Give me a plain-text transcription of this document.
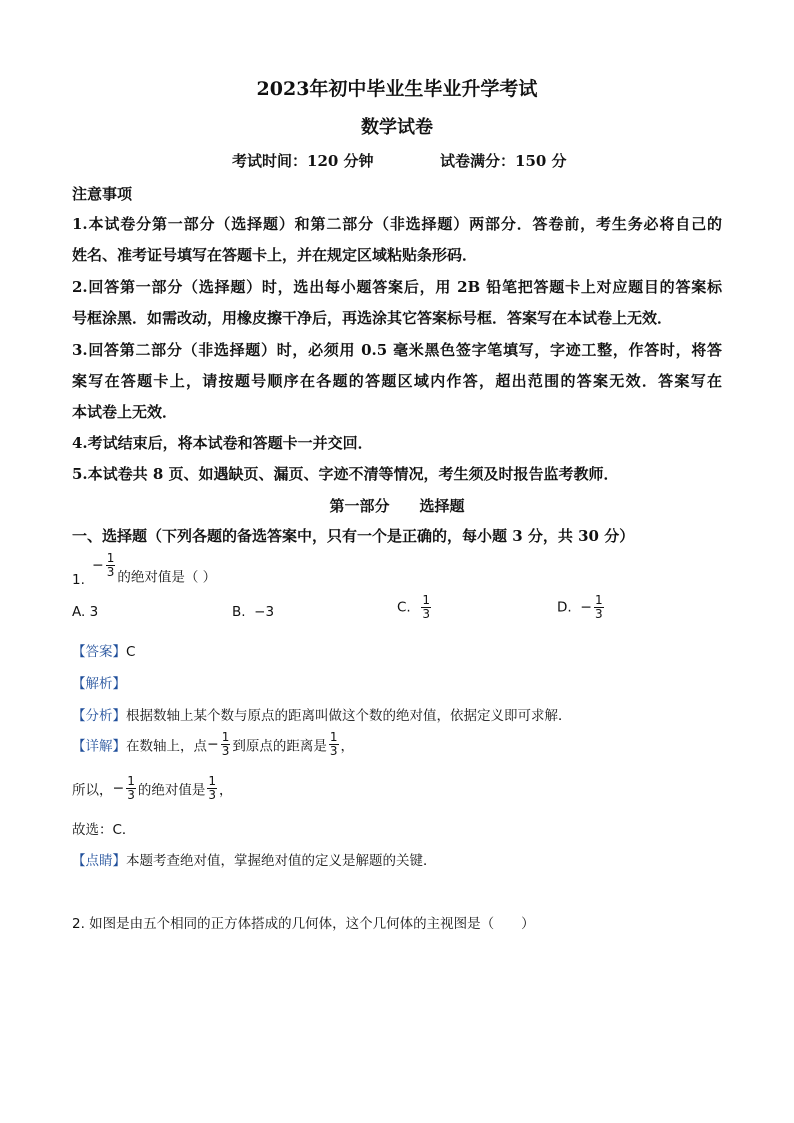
2023年初中毕业生毕业升学考试
数学试卷
考试时间：120 分钟	试卷满分：150 分
注意事项
1.本试卷分第一部分（选择题）和第二部分（非选择题）两部分．答卷前，考生务必将自己的
姓名、准考证号填写在答题卡上，并在规定区域粘贴条形码．
2.回答第一部分（选择题）时，选出每小题答案后，用 2B 铅笔把答题卡上对应题目的答案标
号框涂黑．如需改动，用橡皮擦干净后，再选涂其它答案标号框．答案写在本试卷上无效．
3.回答第二部分（非选择题）时，必须用 0.5 毫米黑色签字笔填写，字迹工整，作答时，将答
案写在答题卡上，请按题号顺序在各题的答题区域内作答，超出范围的答案无效．答案写在
本试卷上无效．
4.考试结束后，将本试卷和答题卡一并交回．
5.本试卷共 8 页、如遇缺页、漏页、字迹不清等情况，考生须及时报告监考教师．
第一部分　　选择题
一、选择题（下列各题的备选答案中，只有一个是正确的，每小题 3 分，共 30 分）
1.
− $\frac{1}{3}$ 的绝对值是（ ）
A. 3	B. −3	C. $\frac{1}{3}$	D. − $\frac{1}{3}$
【答案】C
【解析】
【分析】根据数轴上某个数与原点的距离叫做这个数的绝对值，依据定义即可求解．
【详解】在数轴上，点− $\frac{1}{3}$ 到原点的距离是 $\frac{1}{3}$ ，
所以，− $\frac{1}{3}$ 的绝对值是 $\frac{1}{3}$ ，
故选：C．
【点睛】本题考查绝对值，掌握绝对值的定义是解题的关键．
2. 如图是由五个相同的正方体搭成的几何体，这个几何体的主视图是（　　）
